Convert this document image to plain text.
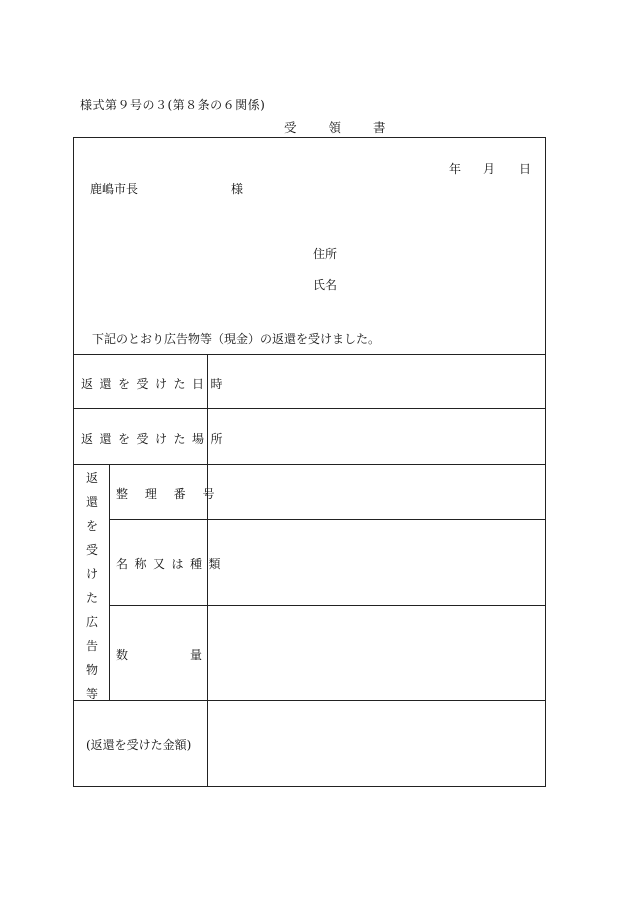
様式第９号の３(第８条の６関係)
受 領 書
年 月 日
鹿嶋市長	様
住所
氏名
下記のとおり広告物等（現金）の返還を受けました。
返還を受けた日時
返還を受けた場所
返
還
を
受
け
た
広
告
物
等
整 理 番 号
名称又は種類
数	量
(返還を受けた金額)
